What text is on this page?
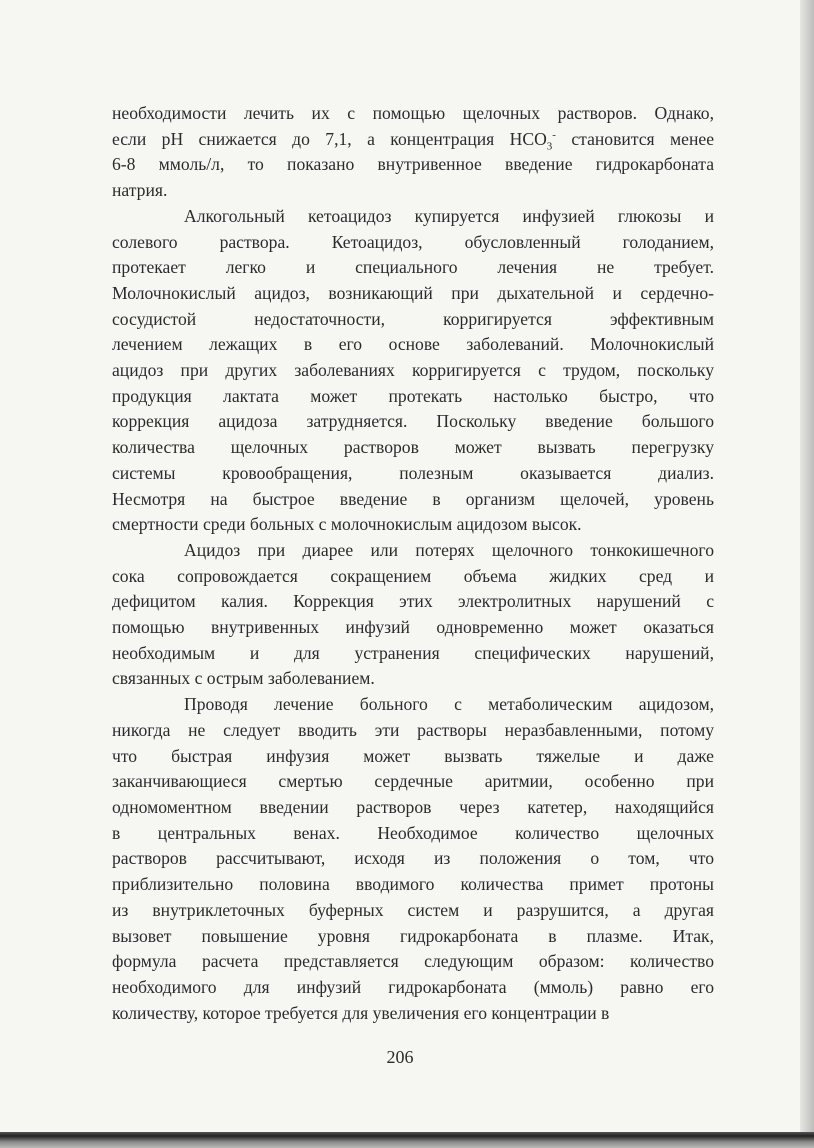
необходимости лечить их с помощью щелочных растворов. Однако,
если pH снижается до 7,1, а концентрация $HCO_3^-$ становится менее
6-8 ммоль/л, то показано внутривенное введение гидрокарбоната
натрия.
Алкогольный кетоацидоз купируется инфузией глюкозы и
солевого раствора. Кетоацидоз, обусловленный голоданием,
протекает легко и специального лечения не требует.
Молочнокислый ацидоз, возникающий при дыхательной и сердечно-
сосудистой недостаточности, корригируется эффективным
лечением лежащих в его основе заболеваний. Молочнокислый
ацидоз при других заболеваниях корригируется с трудом, поскольку
продукция лактата может протекать настолько быстро, что
коррекция ацидоза затрудняется. Поскольку введение большого
количества щелочных растворов может вызвать перегрузку
системы кровообращения, полезным оказывается диализ.
Несмотря на быстрое введение в организм щелочей, уровень
смертности среди больных с молочнокислым ацидозом высок.
Ацидоз при диарее или потерях щелочного тонкокишечного
сока сопровождается сокращением объема жидких сред и
дефицитом калия. Коррекция этих электролитных нарушений с
помощью внутривенных инфузий одновременно может оказаться
необходимым и для устранения специфических нарушений,
связанных с острым заболеванием.
Проводя лечение больного с метаболическим ацидозом,
никогда не следует вводить эти растворы неразбавленными, потому
что быстрая инфузия может вызвать тяжелые и даже
заканчивающиеся смертью сердечные аритмии, особенно при
одномоментном введении растворов через катетер, находящийся
в центральных венах. Необходимое количество щелочных
растворов рассчитывают, исходя из положения о том, что
приблизительно половина вводимого количества примет протоны
из внутриклеточных буферных систем и разрушится, а другая
вызовет повышение уровня гидрокарбоната в плазме. Итак,
формула расчета представляется следующим образом: количество
необходимого для инфузий гидрокарбоната (ммоль) равно его
количеству, которое требуется для увеличения его концентрации в
206
